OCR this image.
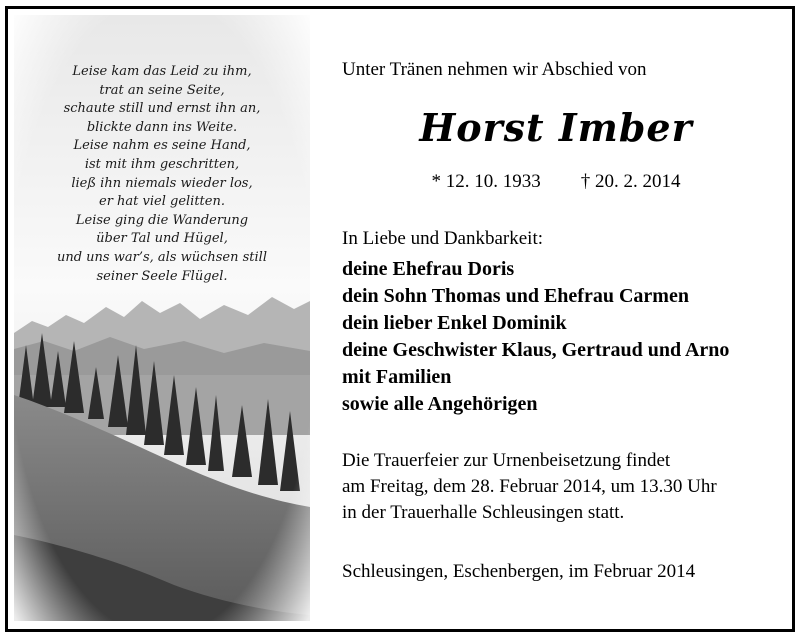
Leise kam das Leid zu ihm,
trat an seine Seite,
schaute still und ernst ihn an,
blickte dann ins Weite.
Leise nahm es seine Hand,
ist mit ihm geschritten,
ließ ihn niemals wieder los,
er hat viel gelitten.
Leise ging die Wanderung
über Tal und Hügel,
und uns war’s, als wüchsen still
seiner Seele Flügel.
Unter Tränen nehmen wir Abschied von
Horst Imber
* 12. 10. 1933 † 20. 2. 2014
In Liebe und Dankbarkeit:
deine Ehefrau Doris
dein Sohn Thomas und Ehefrau Carmen
dein lieber Enkel Dominik
deine Geschwister Klaus, Gertraud und Arno
mit Familien
sowie alle Angehörigen
Die Trauerfeier zur Urnenbeisetzung findet
am Freitag, dem 28. Februar 2014, um 13.30 Uhr
in der Trauerhalle Schleusingen statt.
Schleusingen, Eschenbergen, im Februar 2014
